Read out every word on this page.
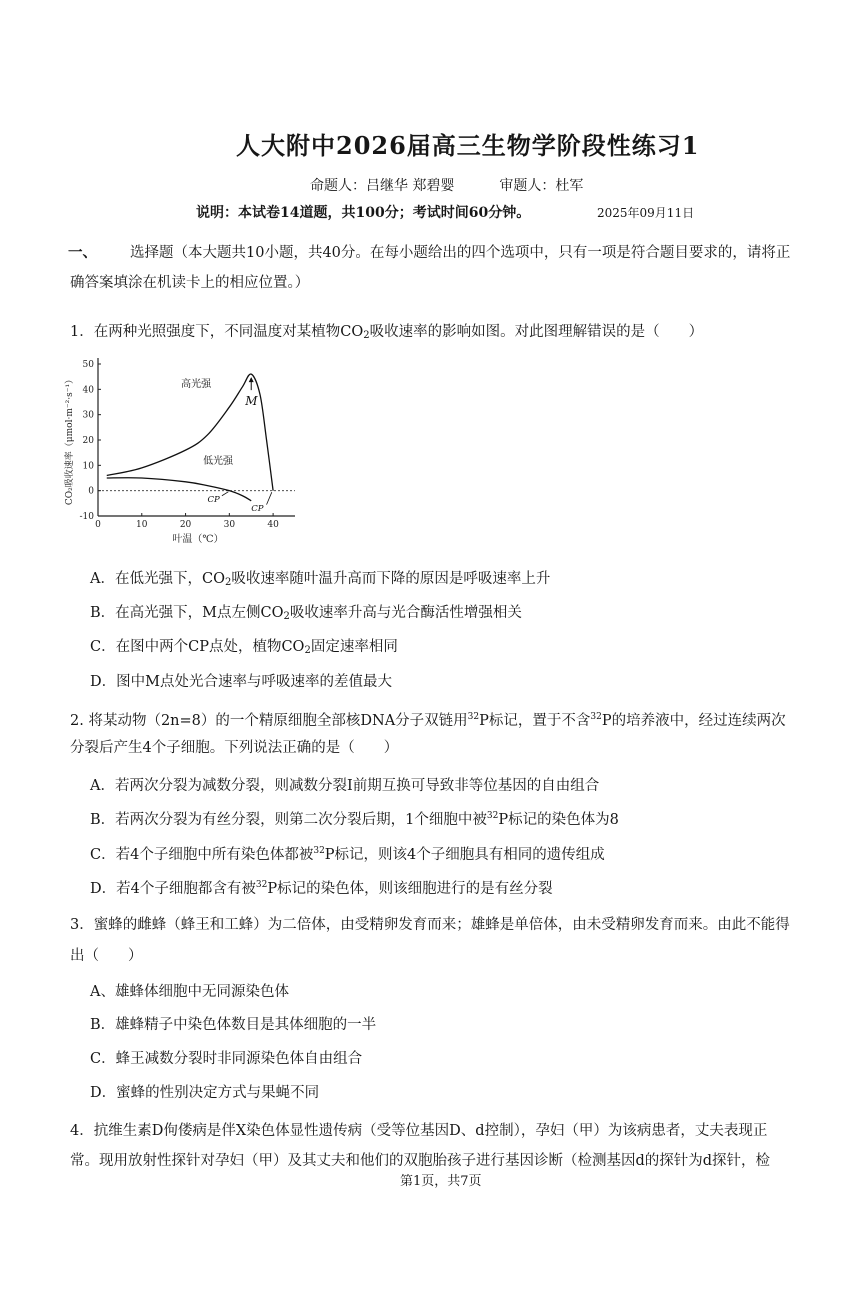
人大附中2026届高三生物学阶段性练习1
命题人：吕继华 郑碧婴	审题人：杜军
说明：本试卷14道题，共100分；考试时间60分钟。	2025年09月11日
一、 选择题（本大题共10小题，共40分。在每小题给出的四个选项中，只有一项是符合题目要求的，请将正
确答案填涂在机读卡上的相应位置。）
1．在两种光照强度下，不同温度对某植物$CO_2$吸收速率的影响如图。对此图理解错误的是（　　）
-10
0
10
20
30
40
50
0	10	20	30	40
叶温（℃）
CO₂吸收速率（μmol·m⁻²·s⁻¹）	高光强
低光强
M
CP
CP
A．在低光强下，$CO_2$吸收速率随叶温升高而下降的原因是呼吸速率上升
B．在高光强下，M点左侧$CO_2$吸收速率升高与光合酶活性增强相关
C．在图中两个CP点处，植物$CO_2$固定速率相同
D．图中M点处光合速率与呼吸速率的差值最大
2. 将某动物（2n=8）的一个精原细胞全部核DNA分子双链用$^{32}$P标记，置于不含$^{32}$P的培养液中，经过连续两次
分裂后产生4个子细胞。下列说法正确的是（　　）
A．若两次分裂为减数分裂，则减数分裂Ⅰ前期互换可导致非等位基因的自由组合
B．若两次分裂为有丝分裂，则第二次分裂后期，1个细胞中被$^{32}$P标记的染色体为8
C．若4个子细胞中所有染色体都被$^{32}$P标记，则该4个子细胞具有相同的遗传组成
D．若4个子细胞都含有被$^{32}$P标记的染色体，则该细胞进行的是有丝分裂
3．蜜蜂的雌蜂（蜂王和工蜂）为二倍体，由受精卵发育而来；雄蜂是单倍体，由未受精卵发育而来。由此不能得
出（　　）
A、雄蜂体细胞中无同源染色体
B．雄蜂精子中染色体数目是其体细胞的一半
C．蜂王减数分裂时非同源染色体自由组合
D．蜜蜂的性别决定方式与果蝇不同
4．抗维生素D佝偻病是伴X染色体显性遗传病（受等位基因D、d控制），孕妇（甲）为该病患者，丈夫表现正
常。现用放射性探针对孕妇（甲）及其丈夫和他们的双胞胎孩子进行基因诊断（检测基因d的探针为d探针，检
第1页，共7页
